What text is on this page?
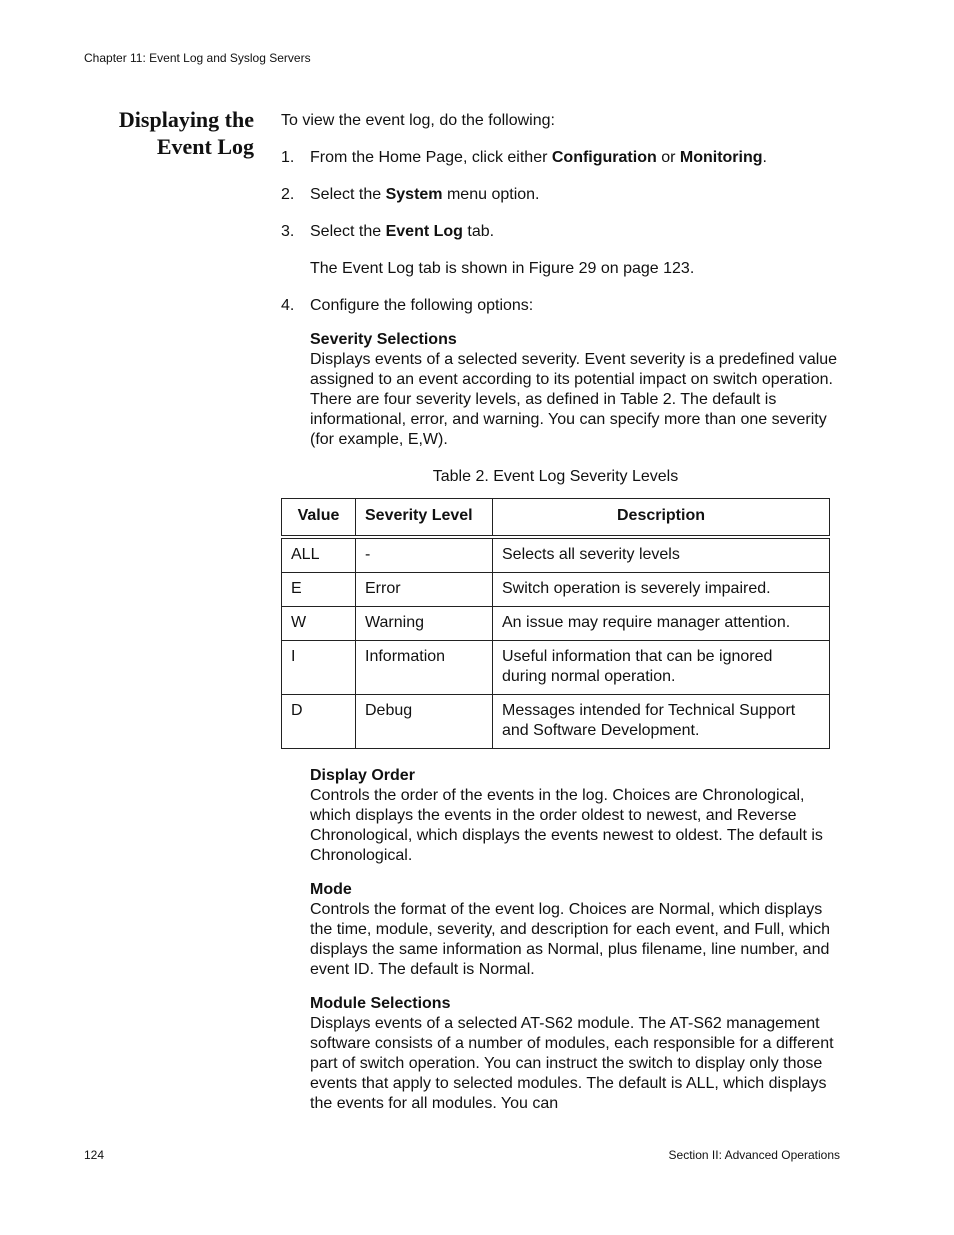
Chapter 11: Event Log and Syslog Servers
Displaying the
Event Log

To view the event log, do the following:

1. From the Home Page, click either Configuration or Monitoring.
2. Select the System menu option.
3. Select the Event Log tab.
The Event Log tab is shown in Figure 29 on page 123.
4. Configure the following options:
Severity Selections

Displays events of a selected severity. Event severity is a predefined value assigned to an event according to its potential impact on switch operation. There are four severity levels, as defined in Table 2. The default is informational, error, and warning. You can specify more than one severity (for example, E,W).

Table 2. Event Log Severity Levels
Value	Severity Level	Description
ALL	-	Selects all severity levels
E	Error	Switch operation is severely impaired.
W	Warning	An issue may require manager attention.
I	Information	Useful information that can be ignored during normal operation.
D	Debug	Messages intended for Technical Support and Software Development.
Display Order

Controls the order of the events in the log. Choices are Chronological, which displays the events in the order oldest to newest, and Reverse Chronological, which displays the events newest to oldest. The default is Chronological.

Mode

Controls the format of the event log. Choices are Normal, which displays the time, module, severity, and description for each event, and Full, which displays the same information as Normal, plus filename, line number, and event ID. The default is Normal.

Module Selections

Displays events of a selected AT-S62 module. The AT-S62 management software consists of a number of modules, each responsible for a different part of switch operation. You can instruct the switch to display only those events that apply to selected modules. The default is ALL, which displays the events for all modules. You can

124	Section II: Advanced Operations
